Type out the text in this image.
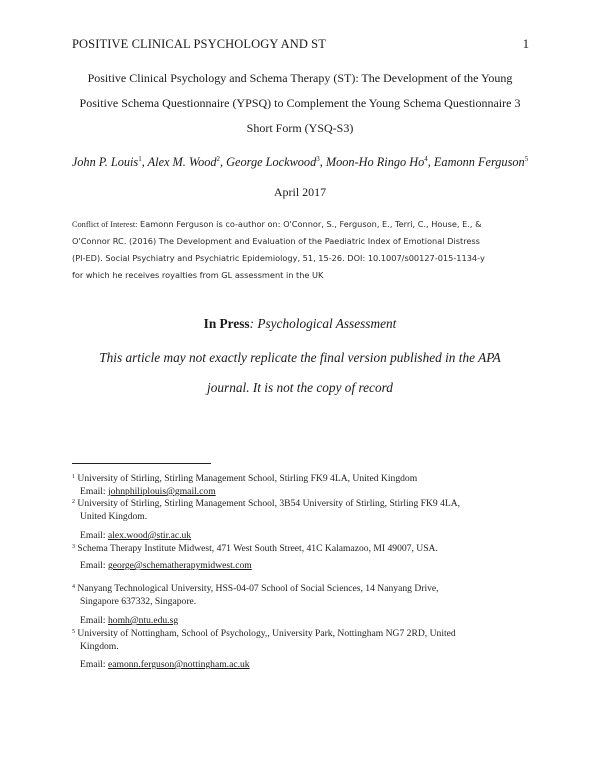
POSITIVE CLINICAL PSYCHOLOGY AND ST	1
Positive Clinical Psychology and Schema Therapy (ST): The Development of the Young
Positive Schema Questionnaire (YPSQ) to Complement the Young Schema Questionnaire 3
Short Form (YSQ-S3)
John P. Louis$^1$, Alex M. Wood$^2$, George Lockwood$^3$, Moon-Ho Ringo Ho$^4$, Eamonn Ferguson$^5$
April 2017
Conflict of Interest: Eamonn Ferguson is co-author on: O'Connor, S., Ferguson, E., Terri, C., House, E., &
O'Connor RC. (2016) The Development and Evaluation of the Paediatric Index of Emotional Distress
(PI-ED). Social Psychiatry and Psychiatric Epidemiology, 51, 15-26. DOI: 10.1007/s00127-015-1134-y
for which he receives royalties from GL assessment in the UK
In Press: Psychological Assessment
This article may not exactly replicate the final version published in the APA
journal. It is not the copy of record
$^1$ University of Stirling, Stirling Management School, Stirling FK9 4LA, United Kingdom
Email: johnphiliplouis@gmail.com
$^2$ University of Stirling, Stirling Management School, 3B54 University of Stirling, Stirling FK9 4LA,
United Kingdom.
Email: alex.wood@stir.ac.uk
$^3$ Schema Therapy Institute Midwest, 471 West South Street, 41C Kalamazoo, MI 49007, USA.
Email: george@schematherapymidwest.com
$^4$ Nanyang Technological University, HSS-04-07 School of Social Sciences, 14 Nanyang Drive,
Singapore 637332, Singapore.
Email: homh@ntu.edu.sg
$^5$ University of Nottingham, School of Psychology,, University Park, Nottingham NG7 2RD, United
Kingdom.
Email: eamonn.ferguson@nottingham.ac.uk
